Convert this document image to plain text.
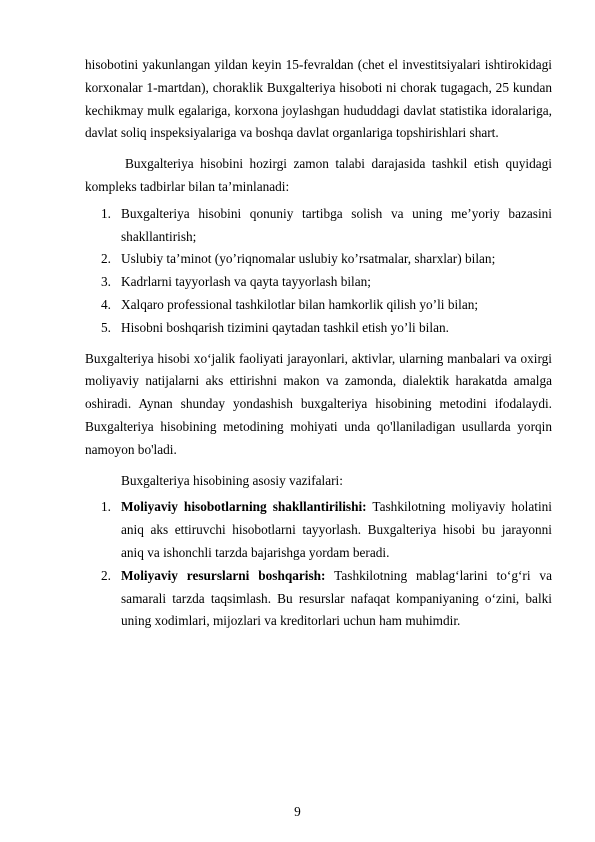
hisobotini yakunlangan yildan keyin 15-fevraldan (chet el investitsiyalari ishtirokidagi korxonalar 1-martdan), choraklik Buxgalteriya hisoboti ni chorak tugagach, 25 kundan kechikmay mulk egalariga, korxona joylashgan hududdagi davlat statistika idoralariga, davlat soliq inspeksiyalariga va boshqa davlat organlariga topshirishlari shart.

Buxgalteriya hisobini hozirgi zamon talabi darajasida tashkil etish quyidagi kompleks tadbirlar bilan ta’minlanadi:

1. Buxgalteriya hisobini qonuniy tartibga solish va uning me’yoriy bazasini shakllantirish;
2. Uslubiy ta’minot (yo’riqnomalar uslubiy ko’rsatmalar, sharxlar) bilan;
3. Kadrlarni tayyorlash va qayta tayyorlash bilan;
4. Xalqaro professional tashkilotlar bilan hamkorlik qilish yo’li bilan;
5. Hisobni boshqarish tizimini qaytadan tashkil etish yo’li bilan.

Buxgalteriya hisobi xo‘jalik faoliyati jarayonlari, aktivlar, ularning manbalari va oxirgi moliyaviy natijalarni aks ettirishni makon va zamonda, dialektik harakatda amalga oshiradi. Aynan shunday yondashish buxgalteriya hisobining metodini ifodalaydi. Buxgalteriya hisobining metodining mohiyati unda qo'llaniladigan usullarda yorqin namoyon bo'ladi.

Buxgalteriya hisobining asosiy vazifalari:

1. Moliyaviy hisobotlarning shakllantirilishi: Tashkilotning moliyaviy holatini aniq aks ettiruvchi hisobotlarni tayyorlash. Buxgalteriya hisobi bu jarayonni aniq va ishonchli tarzda bajarishga yordam beradi.
2. Moliyaviy resurslarni boshqarish: Tashkilotning mablag‘larini to‘g‘ri va samarali tarzda taqsimlash. Bu resurslar nafaqat kompaniyaning o‘zini, balki uning xodimlari, mijozlari va kreditorlari uchun ham muhimdir.
9
